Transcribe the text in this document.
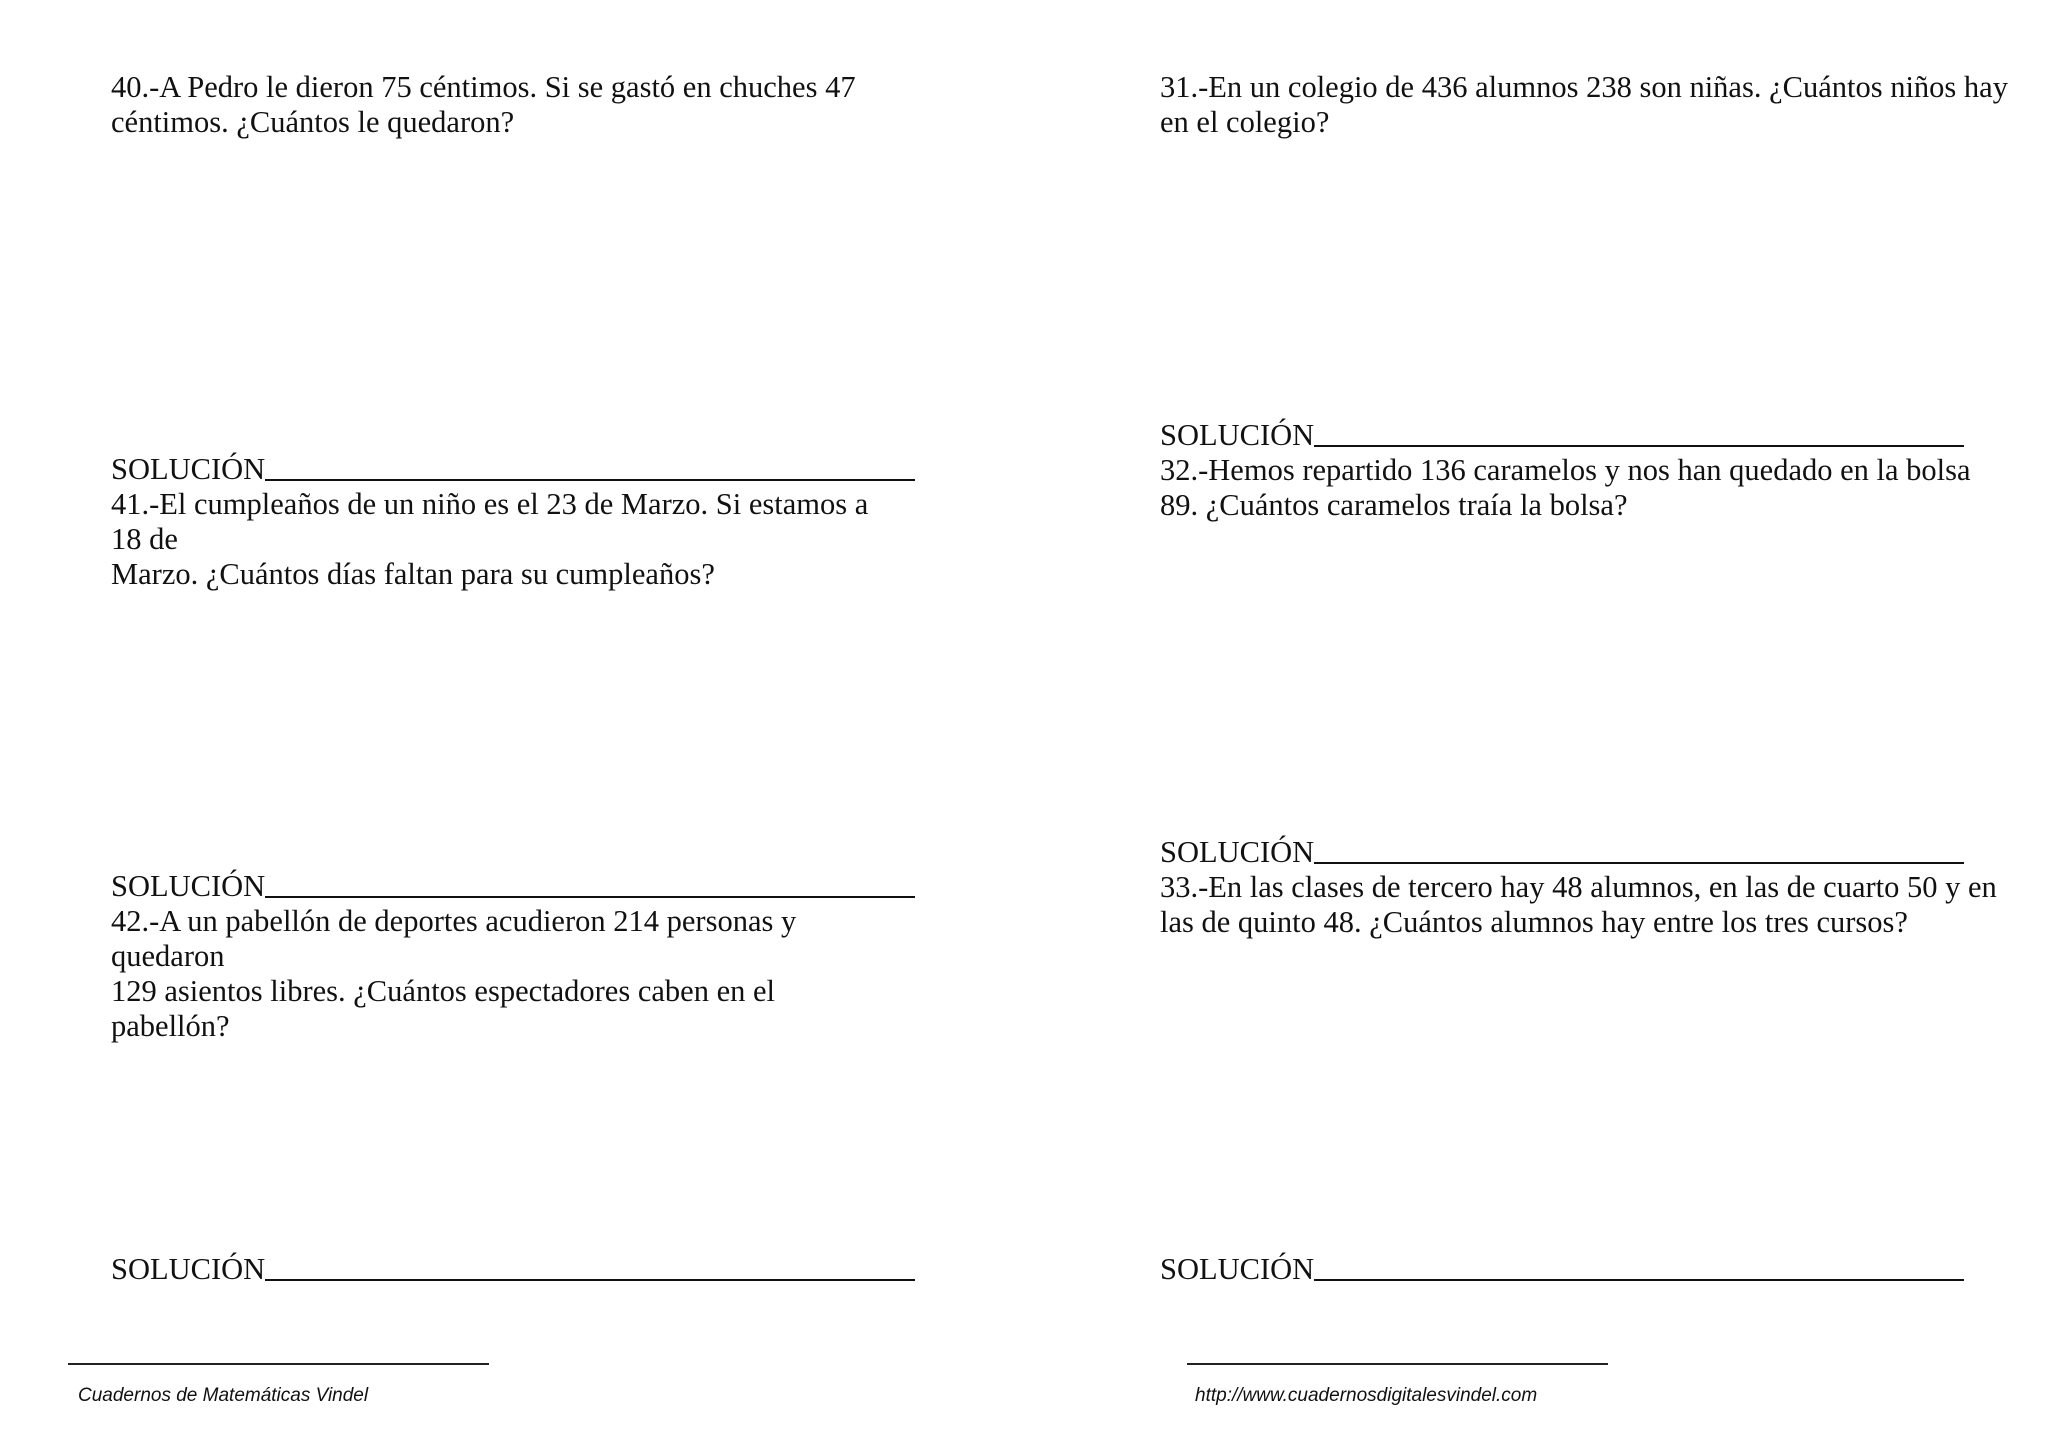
40.-A Pedro le dieron 75 céntimos. Si se gastó en chuches 47
céntimos. ¿Cuántos le quedaron?
SOLUCIÓN
41.-El cumpleaños de un niño es el 23 de Marzo. Si estamos a 18 de
Marzo. ¿Cuántos días faltan para su cumpleaños?
SOLUCIÓN
42.-A un pabellón de deportes acudieron 214 personas y quedaron
129 asientos libres. ¿Cuántos espectadores caben en el pabellón?
SOLUCIÓN
31.-En un colegio de 436 alumnos 238 son niñas. ¿Cuántos niños hay
en el colegio?
SOLUCIÓN
32.-Hemos repartido 136 caramelos y nos han quedado en la bolsa
89. ¿Cuántos caramelos traía la bolsa?
SOLUCIÓN
33.-En las clases de tercero hay 48 alumnos, en las de cuarto 50 y en
las de quinto 48. ¿Cuántos alumnos hay entre los tres cursos?
SOLUCIÓN
Cuadernos de Matemáticas Vindel	http://www.cuadernosdigitalesvindel.com
